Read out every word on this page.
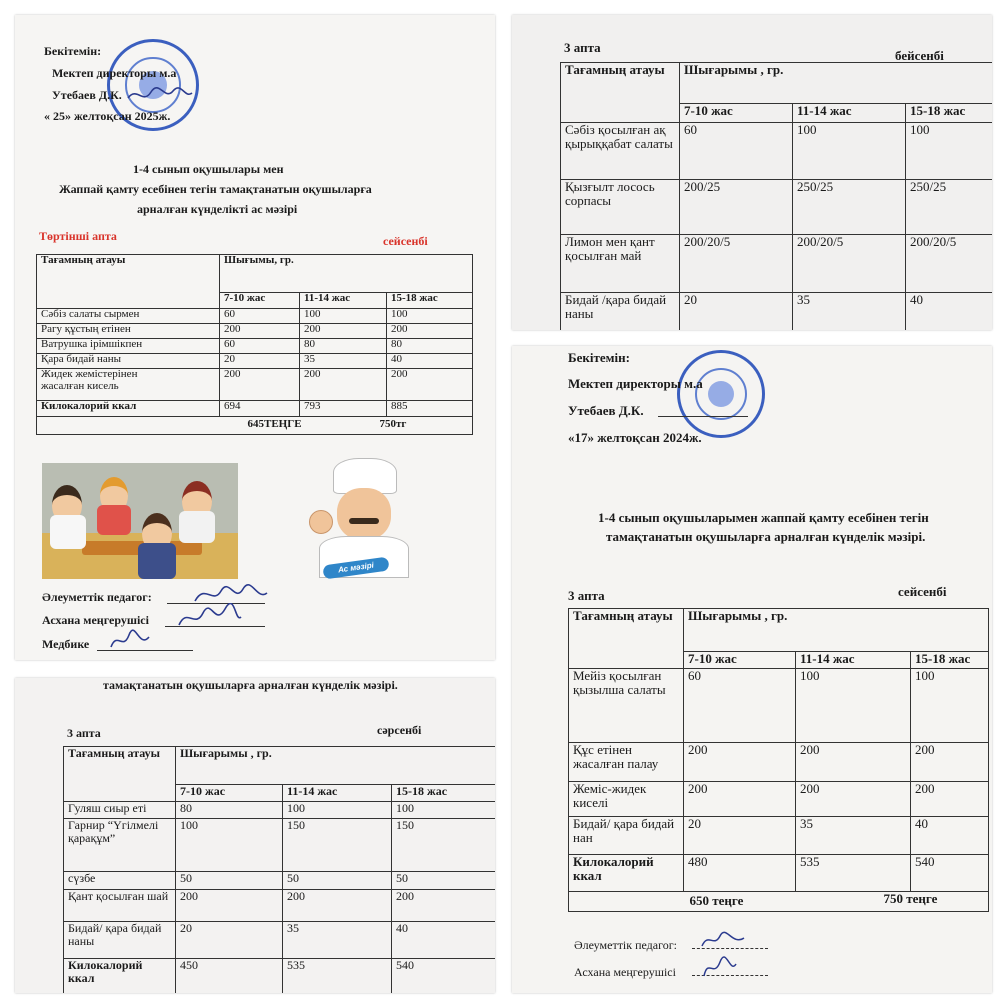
Бекітемін:
Мектеп директоры м.а
Утебаев Д.К.
« 25» желтоқсан 2025ж.
1-4 сынып оқушылары мен
Жаппай қамту есебінен тегін тамақтанатын оқушыларға
арналған күнделікті ас мәзірі
Төртінші апта	сейсенбі
Тағамның атауы	Шығымы, гр.		
	7-10 жас	11-14 жас	15-18 жас
Сәбіз салаты сырмен	60	100	100
Рагу құстың етінен	200	200	200
Ватрушка ірімшікпен	60	80	80
Қара бидай наны	20	35	40
Жидек жемістерінен жасалған кисель	200	200	200
Килокалорий ккал	694	793	885

	645ТЕҢГЕ 750тг		
Ас мәзірі
Әлеуметтік педагог:
Асхана меңгерушісі
Медбике
3 апта
бейсенбі
Тағамның атауы	Шығарымы , гр.		
	7-10 жас	11-14 жас	15-18 жас
Сәбіз қосылған ақ қырыққабат салаты	60	100	100
Қызғылт лосось сорпасы	200/25	250/25	250/25
Лимон мен қант қосылған май	200/20/5	200/20/5	200/20/5
Бидай /қара бидай наны	20	35	40
тамақтанатын оқушыларға арналған күнделік мәзірі.
3 апта	сәрсенбі
Тағамның атауы	Шығарымы , гр.		
	7-10 жас	11-14 жас	15-18 жас
Гуляш сиыр еті	80	100	100
Гарнир “Үгілмелі қарақұм”	100	150	150
сүзбе	50	50	50
Қант қосылған шай	200	200	200
Бидай/ қара бидай наны	20	35	40
Килокалорий ккал	450	535	540
Бекітемін:
Мектеп директоры м.а
Утебаев Д.К.
«17» желтоқсан 2024ж.
1-4 сынып оқушыларымен жаппай қамту есебінен тегін
тамақтанатын оқушыларға арналған күнделік мәзірі.
3 апта	сейсенбі
Тағамның атауы	Шығарымы , гр.		
	7-10 жас	11-14 жас	15-18 жас
Мейіз қосылған қызылша салаты	60	100	100
Құс етінен жасалған палау	200	200	200
Жеміс-жидек киселі	200	200	200
Бидай/ қара бидай нан	20	35	40
Килокалорий ккал	480	535	540

	650 теңге 750 теңге		
Әлеуметтік педагог:
Асхана меңгерушісі
